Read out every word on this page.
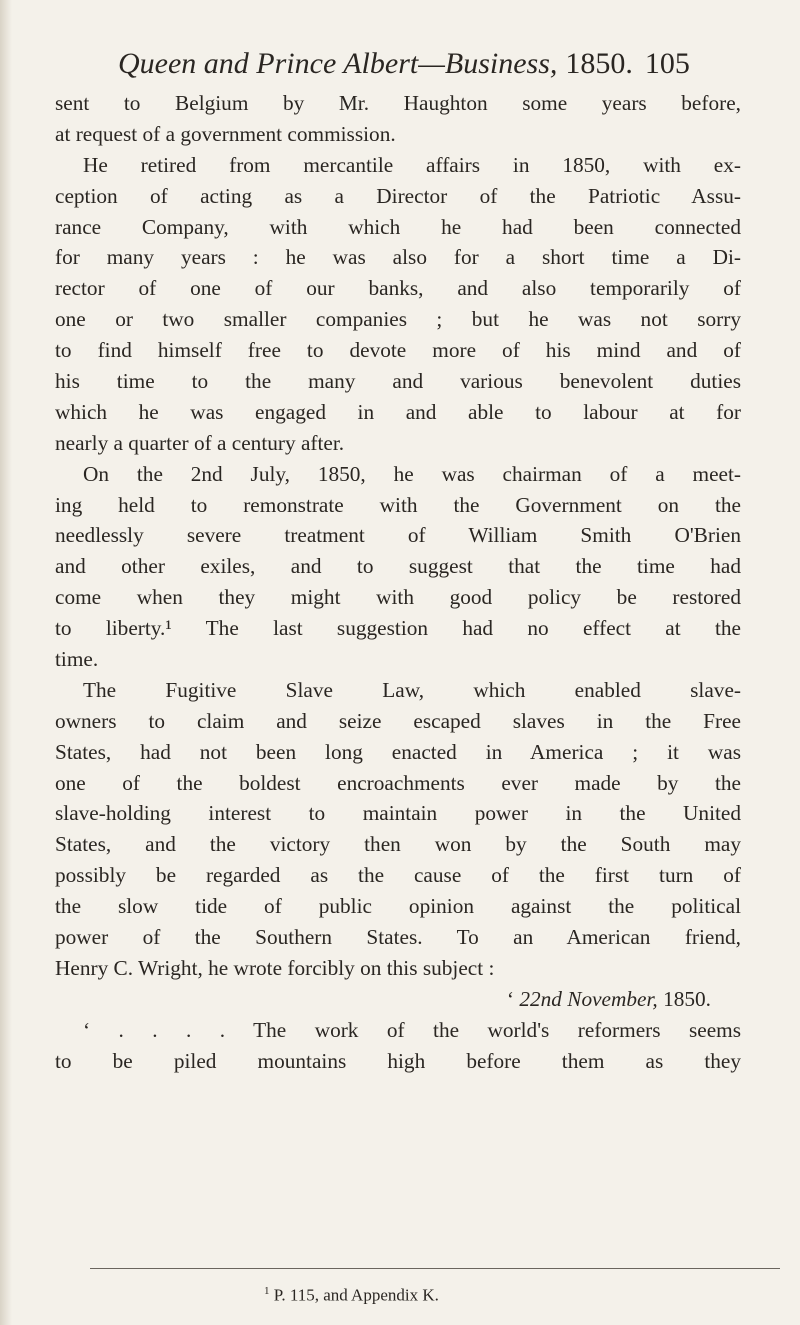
Queen and Prince Albert—Business, 1850. 105
sent to Belgium by Mr. Haughton some years before,
at request of a government commission.
He retired from mercantile affairs in 1850, with ex-
ception of acting as a Director of the Patriotic Assu-
rance Company, with which he had been connected
for many years : he was also for a short time a Di-
rector of one of our banks, and also temporarily of
one or two smaller companies ; but he was not sorry
to find himself free to devote more of his mind and of
his time to the many and various benevolent duties
which he was engaged in and able to labour at for
nearly a quarter of a century after.
On the 2nd July, 1850, he was chairman of a meet-
ing held to remonstrate with the Government on the
needlessly severe treatment of William Smith O'Brien
and other exiles, and to suggest that the time had
come when they might with good policy be restored
to liberty.¹ The last suggestion had no effect at the
time.
The Fugitive Slave Law, which enabled slave-
owners to claim and seize escaped slaves in the Free
States, had not been long enacted in America ; it was
one of the boldest encroachments ever made by the
slave-holding interest to maintain power in the United
States, and the victory then won by the South may
possibly be regarded as the cause of the first turn of
the slow tide of public opinion against the political
power of the Southern States. To an American friend,
Henry C. Wright, he wrote forcibly on this subject :
‘ 22nd November, 1850.
‘ . . . . The work of the world's reformers seems
to be piled mountains high before them as they
$^1$ P. 115, and Appendix K.
